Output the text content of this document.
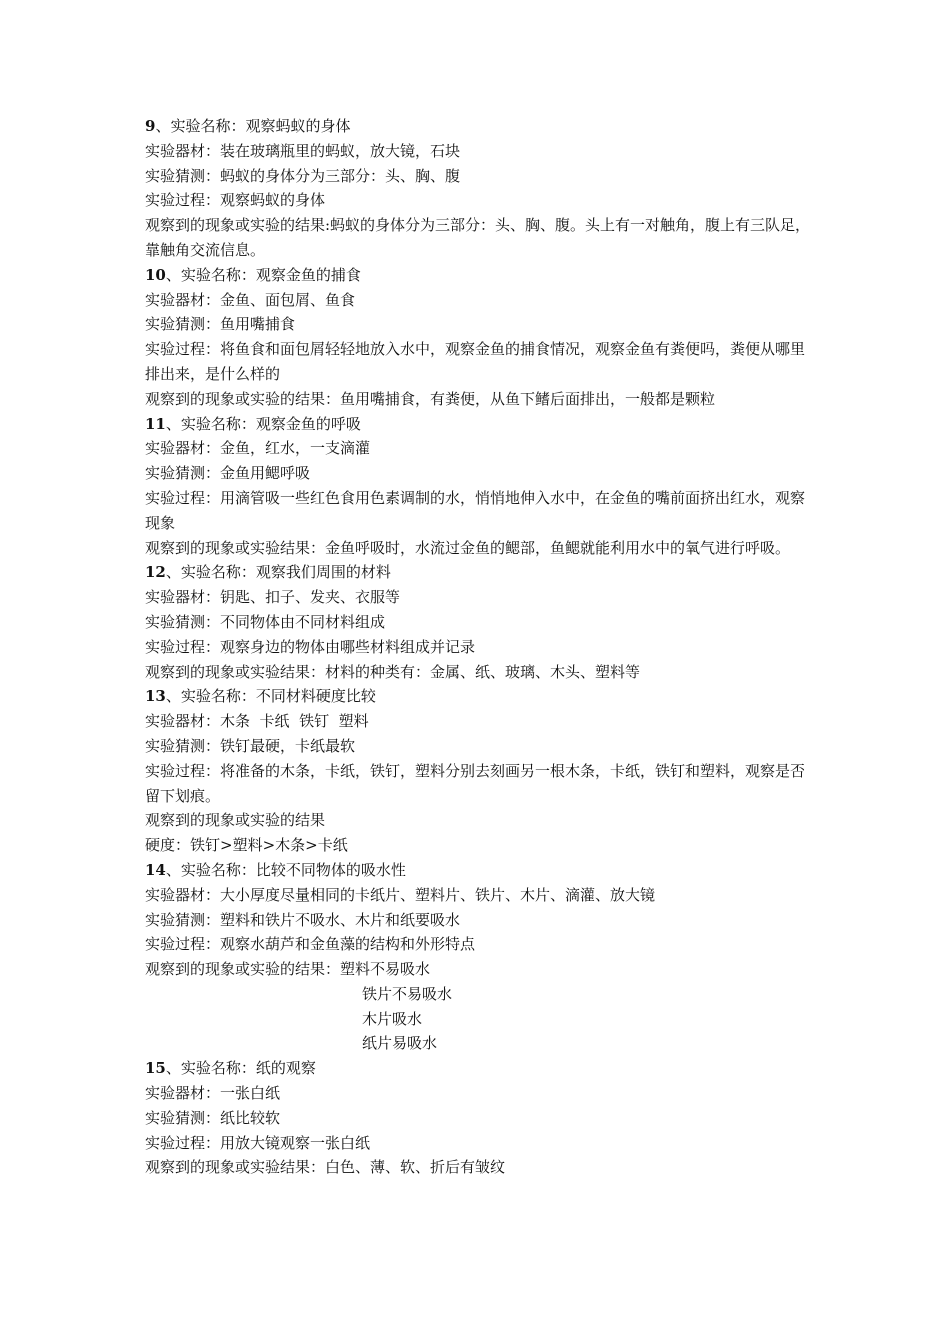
9、实验名称：观察蚂蚁的身体

实验器材：装在玻璃瓶里的蚂蚁，放大镜，石块

实验猜测：蚂蚁的身体分为三部分：头、胸、腹

实验过程：观察蚂蚁的身体

观察到的现象或实验的结果:蚂蚁的身体分为三部分：头、胸、腹。头上有一对触角，腹上有三队足，靠触角交流信息。

10、实验名称：观察金鱼的捕食

实验器材：金鱼、面包屑、鱼食

实验猜测：鱼用嘴捕食

实验过程：将鱼食和面包屑轻轻地放入水中，观察金鱼的捕食情况，观察金鱼有粪便吗，粪便从哪里排出来，是什么样的

观察到的现象或实验的结果：鱼用嘴捕食，有粪便，从鱼下鳍后面排出，一般都是颗粒

11、实验名称：观察金鱼的呼吸

实验器材：金鱼，红水，一支滴灌

实验猜测：金鱼用鳃呼吸

实验过程：用滴管吸一些红色食用色素调制的水，悄悄地伸入水中，在金鱼的嘴前面挤出红水，观察现象

观察到的现象或实验结果：金鱼呼吸时，水流过金鱼的鳃部，鱼鳃就能利用水中的氧气进行呼吸。

12、实验名称：观察我们周围的材料

实验器材：钥匙、扣子、发夹、衣服等

实验猜测：不同物体由不同材料组成

实验过程：观察身边的物体由哪些材料组成并记录

观察到的现象或实验结果：材料的种类有：金属、纸、玻璃、木头、塑料等

13、实验名称：不同材料硬度比较

实验器材：木条  卡纸  铁钉  塑料

实验猜测：铁钉最硬，卡纸最软

实验过程：将准备的木条，卡纸，铁钉，塑料分别去刻画另一根木条，卡纸，铁钉和塑料，观察是否留下划痕。

观察到的现象或实验的结果

硬度：铁钉>塑料>木条>卡纸

14、实验名称：比较不同物体的吸水性

实验器材：大小厚度尽量相同的卡纸片、塑料片、铁片、木片、滴灌、放大镜

实验猜测：塑料和铁片不吸水、木片和纸要吸水

实验过程：观察水葫芦和金鱼藻的结构和外形特点

观察到的现象或实验的结果：塑料不易吸水

铁片不易吸水

木片吸水

纸片易吸水

15、实验名称：纸的观察

实验器材：一张白纸

实验猜测：纸比较软

实验过程：用放大镜观察一张白纸

观察到的现象或实验结果：白色、薄、软、折后有皱纹
